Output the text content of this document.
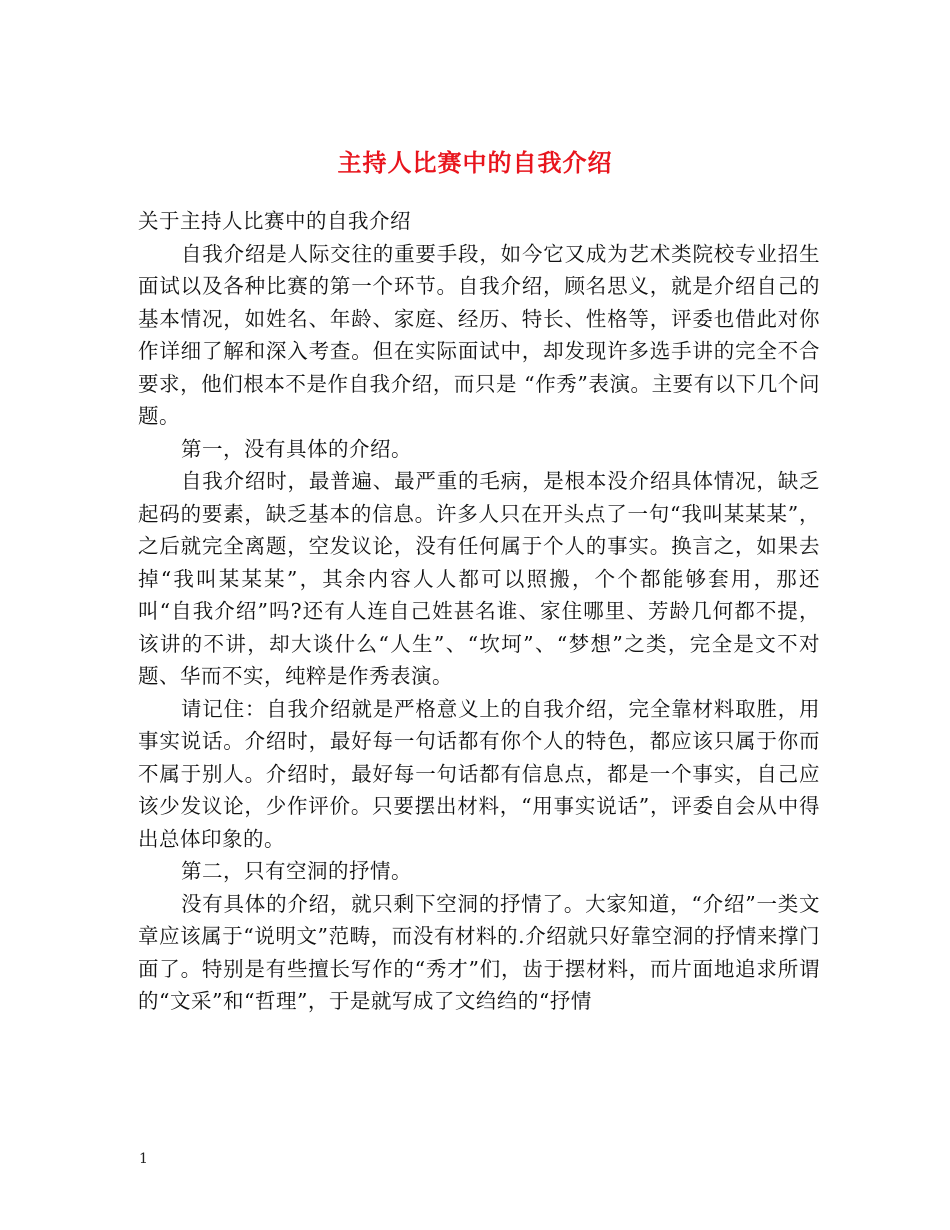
主持人比赛中的自我介绍

关于主持人比赛中的自我介绍

自我介绍是人际交往的重要手段，如今它又成为艺术类院校专业招生面试以及各种比赛的第一个环节。自我介绍，顾名思义，就是介绍自己的基本情况，如姓名、年龄、家庭、经历、特长、性格等，评委也借此对你作详细了解和深入考查。但在实际面试中，却发现许多选手讲的完全不合要求，他们根本不是作自我介绍，而只是 “作秀”表演。主要有以下几个问题。

第一，没有具体的介绍。

自我介绍时，最普遍、最严重的毛病，是根本没介绍具体情况，缺乏起码的要素，缺乏基本的信息。许多人只在开头点了一句“我叫某某某”，之后就完全离题，空发议论，没有任何属于个人的事实。换言之，如果去掉“我叫某某某”，其余内容人人都可以照搬，个个都能够套用，那还叫“自我介绍”吗?还有人连自己姓甚名谁、家住哪里、芳龄几何都不提，该讲的不讲，却大谈什么“人生”、“坎坷”、“梦想”之类，完全是文不对题、华而不实，纯粹是作秀表演。

请记住：自我介绍就是严格意义上的自我介绍，完全靠材料取胜，用事实说话。介绍时，最好每一句话都有你个人的特色，都应该只属于你而不属于别人。介绍时，最好每一句话都有信息点，都是一个事实，自己应该少发议论，少作评价。只要摆出材料，“用事实说话”，评委自会从中得出总体印象的。

第二，只有空洞的抒情。

没有具体的介绍，就只剩下空洞的抒情了。大家知道，“介绍”一类文章应该属于“说明文”范畴，而没有材料的.介绍就只好靠空洞的抒情来撑门面了。特别是有些擅长写作的“秀才”们，齿于摆材料，而片面地追求所谓的“文采”和“哲理”，于是就写成了文绉绉的“抒情

1
